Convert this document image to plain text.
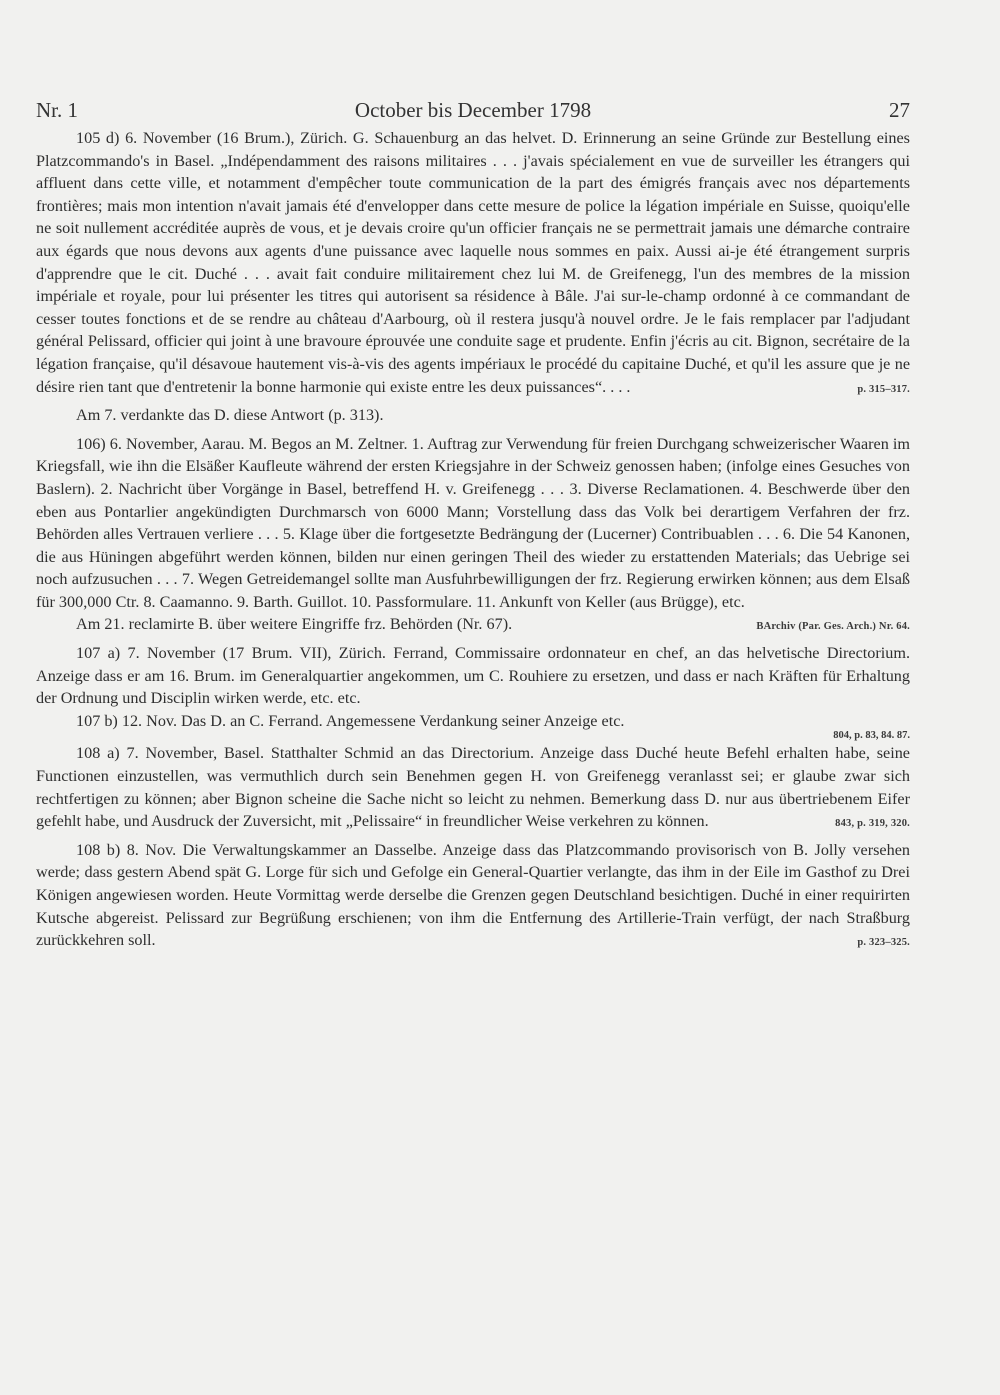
Nr. 1	October bis December 1798	27

105 d) 6. November (16 Brum.), Zürich. G. Schauenburg an das helvet. D. Erinnerung an seine Gründe zur Bestellung eines Platzcommando's in Basel. „Indépendamment des raisons militaires . . . j'avais spécialement en vue de surveiller les étrangers qui affluent dans cette ville, et notamment d'empêcher toute communication de la part des émigrés français avec nos départements frontières; mais mon intention n'avait jamais été d'envelopper dans cette mesure de police la légation impériale en Suisse, quoiqu'elle ne soit nullement accréditée auprès de vous, et je devais croire qu'un officier français ne se permettrait jamais une démarche contraire aux égards que nous devons aux agents d'une puissance avec laquelle nous sommes en paix. Aussi ai-je été étrangement surpris d'apprendre que le cit. Duché . . . avait fait conduire militairement chez lui M. de Greifenegg, l'un des membres de la mission impériale et royale, pour lui présenter les titres qui autorisent sa résidence à Bâle. J'ai sur-le-champ ordonné à ce commandant de cesser toutes fonctions et de se rendre au château d'Aarbourg, où il restera jusqu'à nouvel ordre. Je le fais remplacer par l'adjudant général Pelissard, officier qui joint à une bravoure éprouvée une conduite sage et prudente. Enfin j'écris au cit. Bignon, secrétaire de la légation française, qu'il désavoue hautement vis-à-vis des agents impériaux le procédé du capitaine Duché, et qu'il les assure que je ne désire rien tant que d'entretenir la bonne harmonie qui existe entre les deux puissances“. . . .	p. 315–317.

Am 7. verdankte das D. diese Antwort (p. 313).

106) 6. November, Aarau. M. Begos an M. Zeltner. 1. Auftrag zur Verwendung für freien Durchgang schweizerischer Waaren im Kriegsfall, wie ihn die Elsäßer Kaufleute während der ersten Kriegsjahre in der Schweiz genossen haben; (infolge eines Gesuches von Baslern). 2. Nachricht über Vorgänge in Basel, betreffend H. v. Greifenegg . . . 3. Diverse Reclamationen. 4. Beschwerde über den eben aus Pontarlier angekündigten Durchmarsch von 6000 Mann; Vorstellung dass das Volk bei derartigem Verfahren der frz. Behörden alles Vertrauen verliere . . . 5. Klage über die fortgesetzte Bedrängung der (Lucerner) Contribuablen . . . 6. Die 54 Kanonen, die aus Hüningen abgeführt werden können, bilden nur einen geringen Theil des wieder zu erstattenden Materials; das Uebrige sei noch aufzusuchen . . . 7. Wegen Getreidemangel sollte man Ausfuhrbewilligungen der frz. Regierung erwirken können; aus dem Elsaß für 300,000 Ctr. 8. Caamanno. 9. Barth. Guillot. 10. Passformulare. 11. Ankunft von Keller (aus Brügge), etc.

BArchiv (Par. Ges. Arch.) Nr. 64.
Am 21. reclamirte B. über weitere Eingriffe frz. Behörden (Nr. 67).

107 a) 7. November (17 Brum. VII), Zürich. Ferrand, Commissaire ordonnateur en chef, an das helvetische Directorium. Anzeige dass er am 16. Brum. im Generalquartier angekommen, um C. Rouhiere zu ersetzen, und dass er nach Kräften für Erhaltung der Ordnung und Disciplin wirken werde, etc. etc.

107 b) 12. Nov. Das D. an C. Ferrand. Angemessene Verdankung seiner Anzeige etc.

804, p. 83, 84. 87.

108 a) 7. November, Basel. Statthalter Schmid an das Directorium. Anzeige dass Duché heute Befehl erhalten habe, seine Functionen einzustellen, was vermuthlich durch sein Benehmen gegen H. von Greifenegg veranlasst sei; er glaube zwar sich rechtfertigen zu können; aber Bignon scheine die Sache nicht so leicht zu nehmen. Bemerkung dass D. nur aus übertriebenem Eifer gefehlt habe, und Ausdruck der Zuversicht, mit „Pelissaire“ in freundlicher Weise verkehren zu können.	843, p. 319, 320.

108 b) 8. Nov. Die Verwaltungskammer an Dasselbe. Anzeige dass das Platzcommando provisorisch von B. Jolly versehen werde; dass gestern Abend spät G. Lorge für sich und Gefolge ein General-Quartier verlangte, das ihm in der Eile im Gasthof zu Drei Königen angewiesen worden. Heute Vormittag werde derselbe die Grenzen gegen Deutschland besichtigen. Duché in einer requirirten Kutsche abgereist. Pelissard zur Begrüßung erschienen; von ihm die Entfernung des Artillerie-Train verfügt, der nach Straßburg zurückkehren soll.	p. 323–325.
